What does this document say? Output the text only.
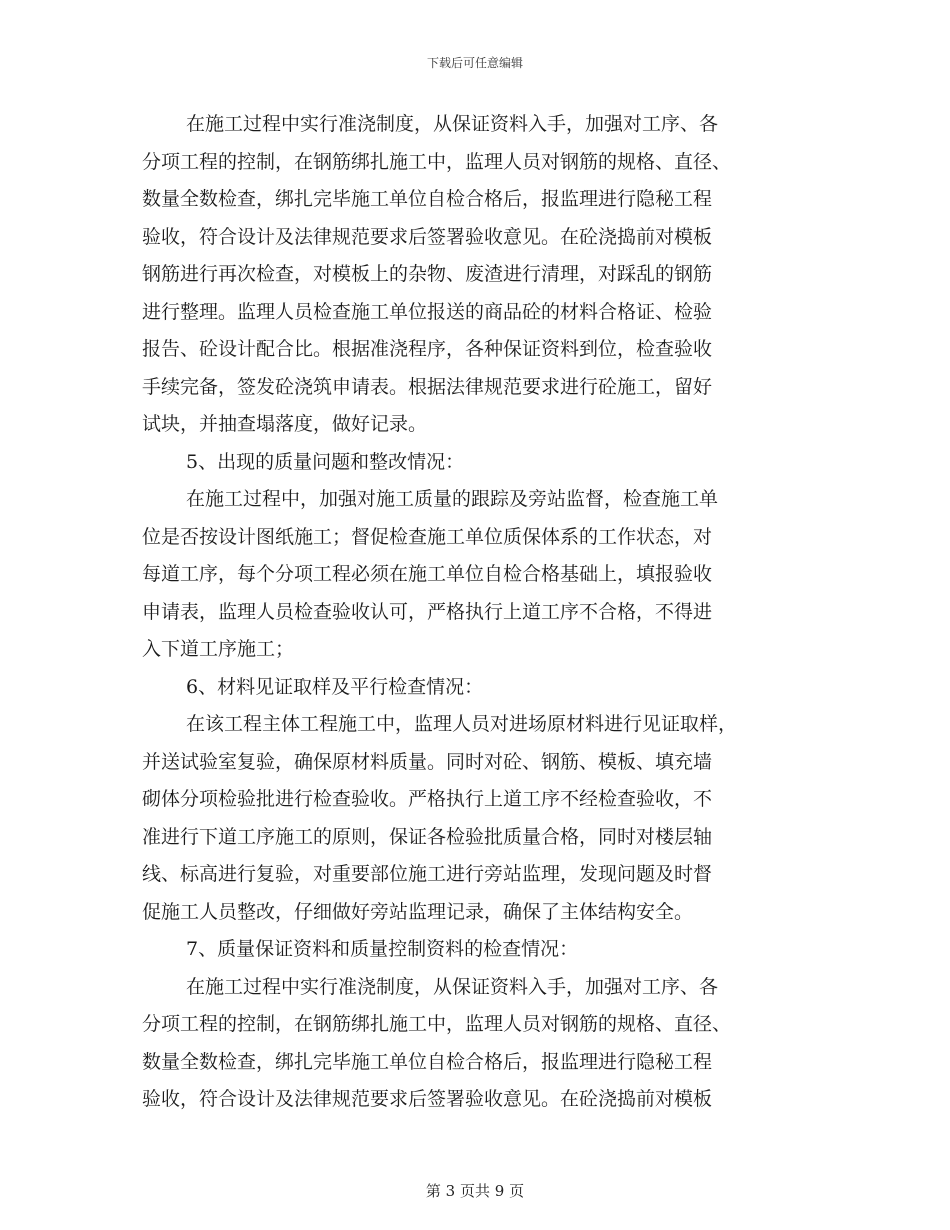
下载后可任意编辑
在施工过程中实行准浇制度，从保证资料入手，加强对工序、各
分项工程的控制，在钢筋绑扎施工中，监理人员对钢筋的规格、直径、
数量全数检查，绑扎完毕施工单位自检合格后，报监理进行隐秘工程
验收，符合设计及法律规范要求后签署验收意见。在砼浇捣前对模板
钢筋进行再次检查，对模板上的杂物、废渣进行清理，对踩乱的钢筋
进行整理。监理人员检查施工单位报送的商品砼的材料合格证、检验
报告、砼设计配合比。根据准浇程序，各种保证资料到位，检查验收
手续完备，签发砼浇筑申请表。根据法律规范要求进行砼施工，留好
试块，并抽查塌落度，做好记录。
5、出现的质量问题和整改情况：
在施工过程中，加强对施工质量的跟踪及旁站监督，检查施工单
位是否按设计图纸施工；督促检查施工单位质保体系的工作状态，对
每道工序，每个分项工程必须在施工单位自检合格基础上，填报验收
申请表，监理人员检查验收认可，严格执行上道工序不合格，不得进
入下道工序施工；
6、材料见证取样及平行检查情况：
在该工程主体工程施工中，监理人员对进场原材料进行见证取样，
并送试验室复验，确保原材料质量。同时对砼、钢筋、模板、填充墙
砌体分项检验批进行检查验收。严格执行上道工序不经检查验收，不
准进行下道工序施工的原则，保证各检验批质量合格，同时对楼层轴
线、标高进行复验，对重要部位施工进行旁站监理，发现问题及时督
促施工人员整改，仔细做好旁站监理记录，确保了主体结构安全。
7、质量保证资料和质量控制资料的检查情况：
在施工过程中实行准浇制度，从保证资料入手，加强对工序、各
分项工程的控制，在钢筋绑扎施工中，监理人员对钢筋的规格、直径、
数量全数检查，绑扎完毕施工单位自检合格后，报监理进行隐秘工程
验收，符合设计及法律规范要求后签署验收意见。在砼浇捣前对模板
第 3 页共 9 页
